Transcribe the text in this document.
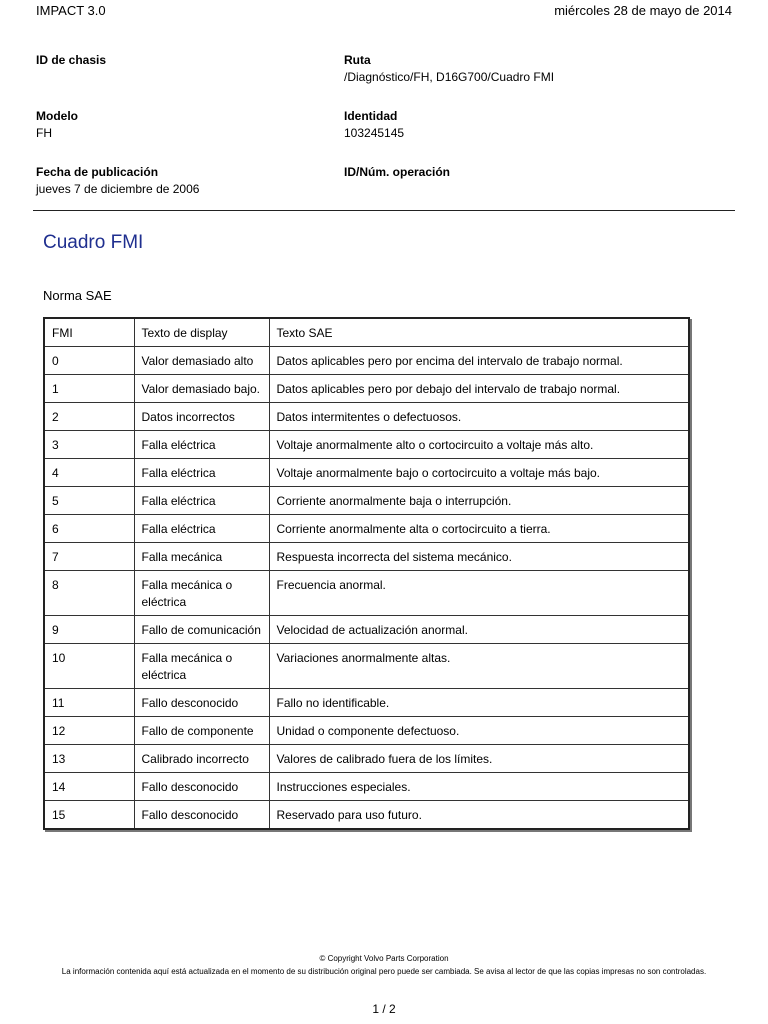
IMPACT 3.0	miércoles 28 de mayo de 2014
ID de chasis	Ruta
/Diagnóstico/FH, D16G700/Cuadro FMI
Modelo
FH
Identidad
103245145
Fecha de publicación
jueves 7 de diciembre de 2006
ID/Núm. operación
Cuadro FMI
Norma SAE
FMI	Texto de display	Texto SAE
0	Valor demasiado alto	Datos aplicables pero por encima del intervalo de trabajo normal.
1	Valor demasiado bajo.	Datos aplicables pero por debajo del intervalo de trabajo normal.
2	Datos incorrectos	Datos intermitentes o defectuosos.
3	Falla eléctrica	Voltaje anormalmente alto o cortocircuito a voltaje más alto.
4	Falla eléctrica	Voltaje anormalmente bajo o cortocircuito a voltaje más bajo.
5	Falla eléctrica	Corriente anormalmente baja o interrupción.
6	Falla eléctrica	Corriente anormalmente alta o cortocircuito a tierra.
7	Falla mecánica	Respuesta incorrecta del sistema mecánico.
8	Falla mecánica o eléctrica	Frecuencia anormal.
9	Fallo de comunicación	Velocidad de actualización anormal.
10	Falla mecánica o eléctrica	Variaciones anormalmente altas.
11	Fallo desconocido	Fallo no identificable.
12	Fallo de componente	Unidad o componente defectuoso.
13	Calibrado incorrecto	Valores de calibrado fuera de los límites.
14	Fallo desconocido	Instrucciones especiales.
15	Fallo desconocido	Reservado para uso futuro.
© Copyright Volvo Parts Corporation
La información contenida aquí está actualizada en el momento de su distribución original pero puede ser cambiada. Se avisa al lector de que las copias impresas no son controladas.
1 / 2
